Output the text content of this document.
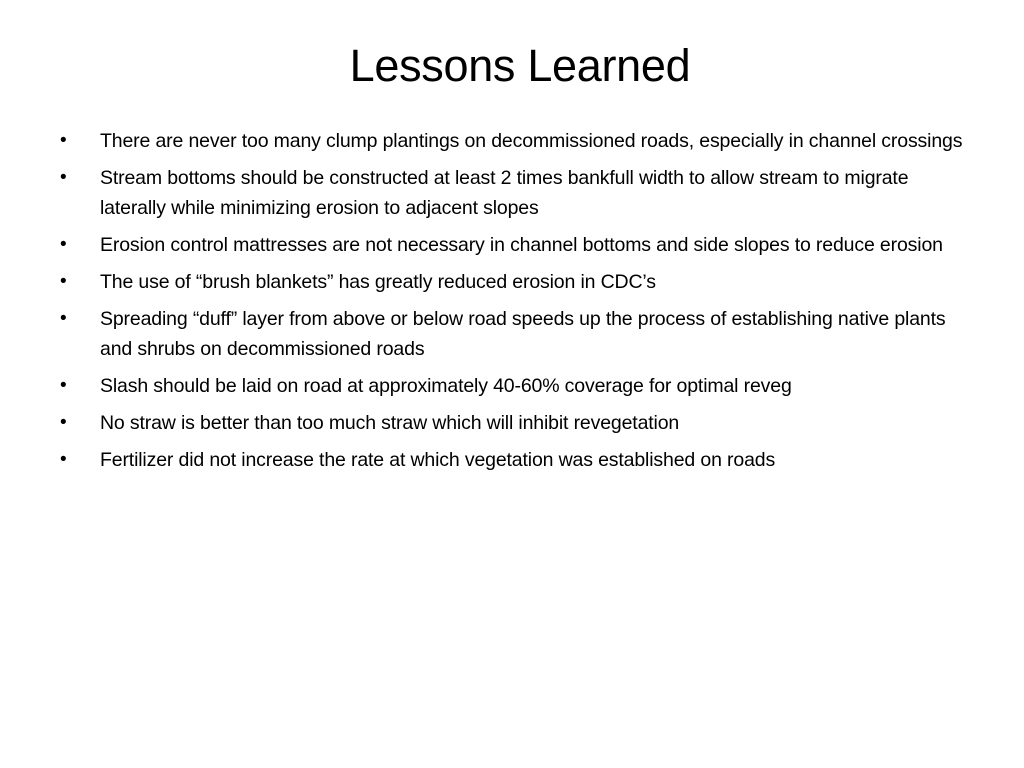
Lessons Learned
•	There are never too many clump plantings on decommissioned roads, especially in channel crossings
•	Stream bottoms should be constructed at least 2 times bankfull width to allow stream to migrate laterally while minimizing erosion to adjacent slopes
•	Erosion control mattresses are not necessary in channel bottoms and side slopes to reduce erosion
•	The use of “brush blankets” has greatly reduced erosion in CDC’s
•	Spreading “duff” layer from above or below road speeds up the process of establishing native plants and shrubs on decommissioned roads
•	Slash should be laid on road at approximately 40-60% coverage for optimal reveg
•	No straw is better than too much straw which will inhibit revegetation
•	Fertilizer did not increase the rate at which vegetation was established on roads
